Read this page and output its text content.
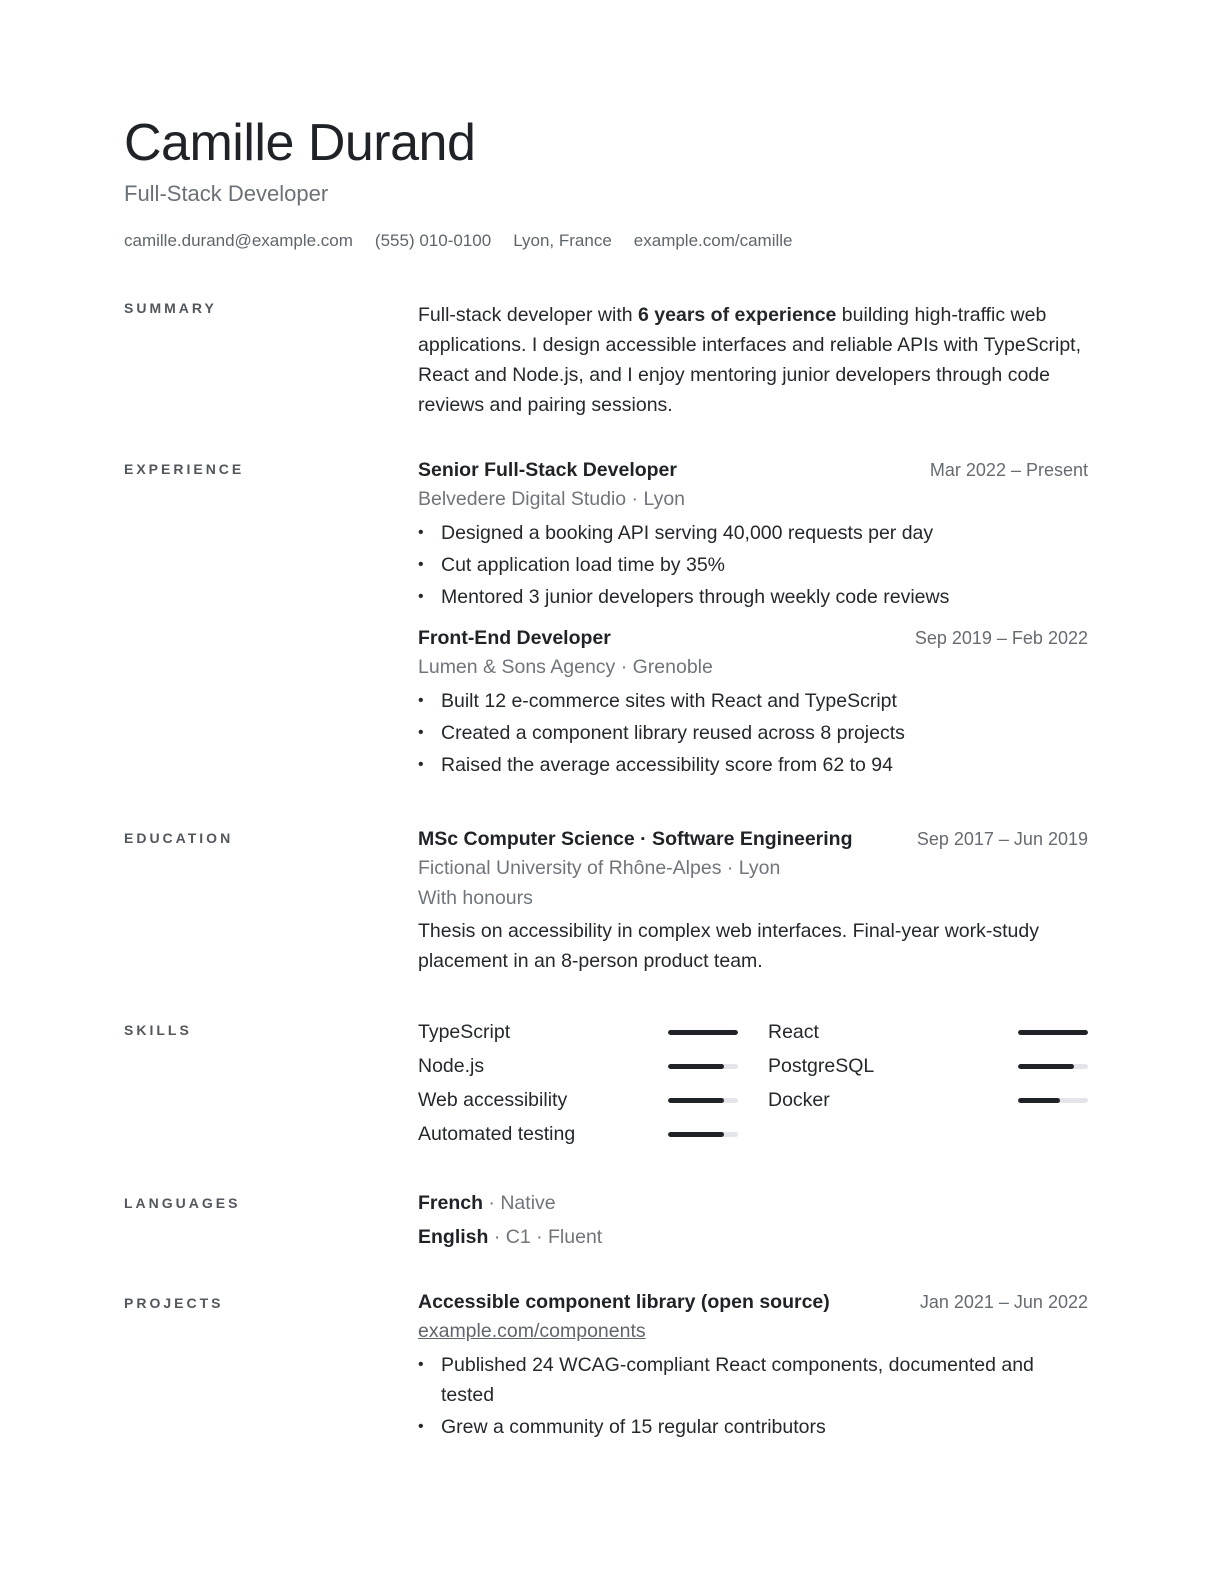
Camille Durand
Full-Stack Developer
camille.durand@example.com (555) 010-0100 Lyon, France example.com/camille
SUMMARY	Full-stack developer with 6 years of experience building high-traffic web applications. I design accessible interfaces and reliable APIs with TypeScript, React and Node.js, and I enjoy mentoring junior developers through code reviews and pairing sessions.

EXPERIENCE	Senior Full-Stack Developer	Mar 2022 – Present
Belvedere Digital Studio · Lyon
• Designed a booking API serving 40,000 requests per day
• Cut application load time by 35%
• Mentored 3 junior developers through weekly code reviews
Front-End Developer	Sep 2019 – Feb 2022
Lumen & Sons Agency · Grenoble
• Built 12 e-commerce sites with React and TypeScript
• Created a component library reused across 8 projects
• Raised the average accessibility score from 62 to 94
EDUCATION	MSc Computer Science · Software Engineering	Sep 2017 – Jun 2019
Fictional University of Rhône-Alpes · Lyon
With honours

Thesis on accessibility in complex web interfaces. Final-year work-study placement in an 8-person product team.

SKILLS	TypeScript	React
Node.js	PostgreSQL
Web accessibility	Docker
Automated testing
LANGUAGES	French · Native
English · C1 · Fluent
PROJECTS	Accessible component library (open source)	Jan 2021 – Jun 2022
example.com/components
• Published 24 WCAG-compliant React components, documented and tested
• Grew a community of 15 regular contributors
